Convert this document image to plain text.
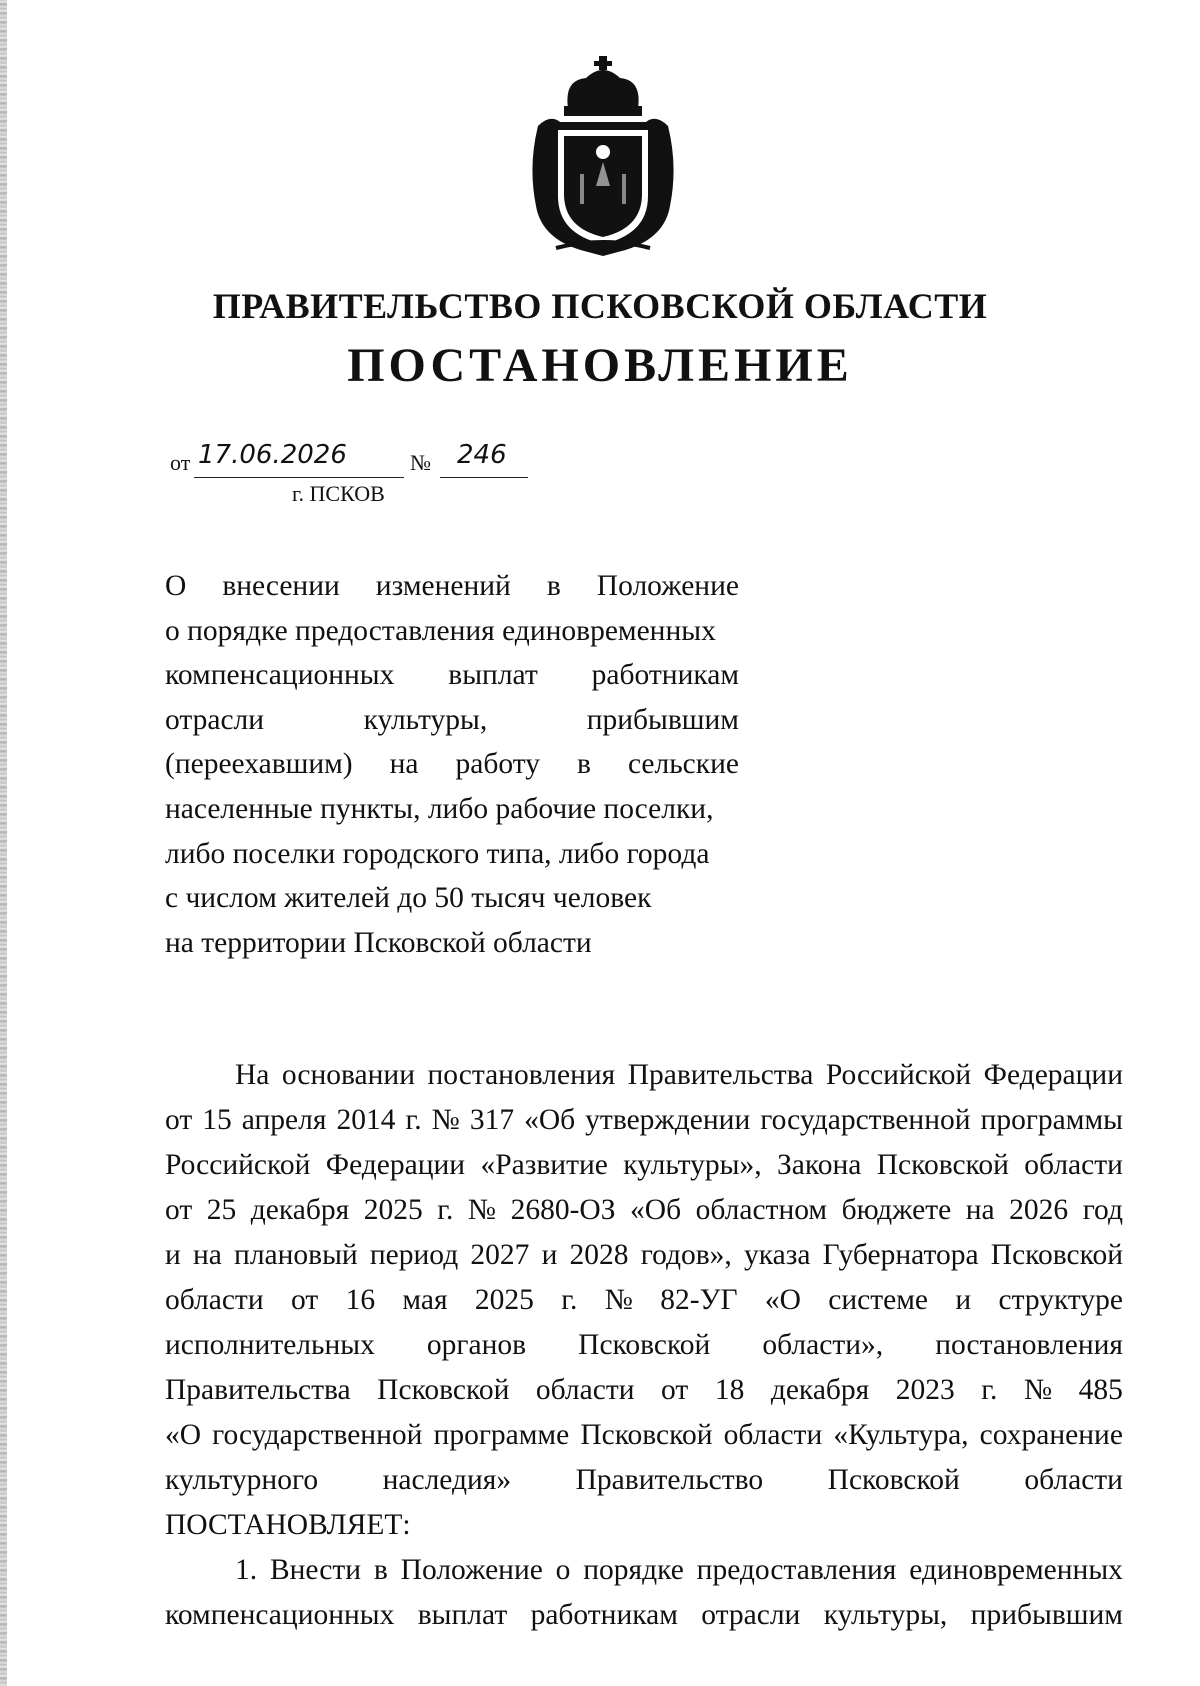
ПРАВИТЕЛЬСТВО ПСКОВСКОЙ ОБЛАСТИ
ПОСТАНОВЛЕНИЕ
от 17.06.2026	№ 246
г. ПСКОВ
О внесении изменений в Положение
о порядке предоставления единовременных
компенсационных выплат работникам
отрасли	культуры,	прибывшим
(переехавшим) на работу в сельские
населенные пункты, либо рабочие поселки,
либо поселки городского типа, либо города
с числом жителей до 50 тысяч человек
на территории Псковской области
На основании постановления Правительства Российской Федерации
от 15 апреля 2014 г. № 317 «Об утверждении государственной программы
Российской Федерации «Развитие культуры», Закона Псковской области
от 25 декабря 2025 г. № 2680-ОЗ «Об областном бюджете на 2026 год
и на плановый период 2027 и 2028 годов», указа Губернатора Псковской
области от 16 мая 2025 г. № 82-УГ «О системе и структуре
исполнительных органов Псковской области», постановления
Правительства Псковской области от 18 декабря 2023 г. № 485
«О государственной программе Псковской области «Культура, сохранение
культурного наследия» Правительство Псковской области
ПОСТАНОВЛЯЕТ:
1. Внести в Положение о порядке предоставления единовременных
компенсационных выплат работникам отрасли культуры, прибывшим
